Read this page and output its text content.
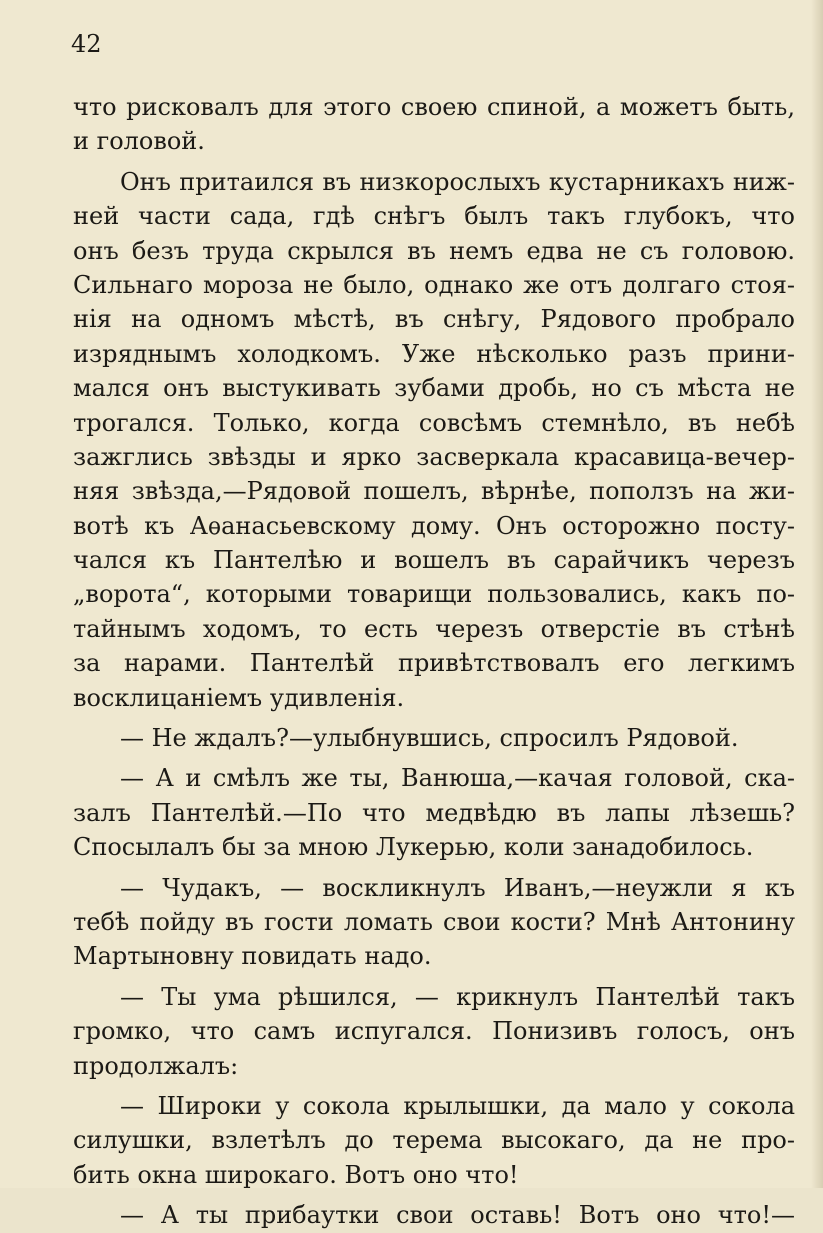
42
что рисковалъ для этого своею спиной, а можетъ быть,
и головой.
Онъ притаился въ низкорослыхъ кустарникахъ ниж-
ней части сада, гдѣ снѣгъ былъ такъ глубокъ, что
онъ безъ труда скрылся въ немъ едва не съ головою.
Сильнаго мороза не было, однако же отъ долгаго стоя-
нія на одномъ мѣстѣ, въ снѣгу, Рядового пробрало
изряднымъ холодкомъ. Уже нѣсколько разъ прини-
мался онъ выстукивать зубами дробь, но съ мѣста не
трогался. Только, когда совсѣмъ стемнѣло, въ небѣ
зажглись звѣзды и ярко засверкала красавица-вечер-
няя звѣзда,—Рядовой пошелъ, вѣрнѣе, поползъ на жи-
вотѣ къ Аѳанасьевскому дому. Онъ осторожно посту-
чался къ Пантелѣю и вошелъ въ сарайчикъ черезъ
„ворота“, которыми товарищи пользовались, какъ по-
тайнымъ ходомъ, то есть черезъ отверстіе въ стѣнѣ
за нарами. Пантелѣй привѣтствовалъ его легкимъ
восклицаніемъ удивленія.
— Не ждалъ?—улыбнувшись, спросилъ Рядовой.
— А и смѣлъ же ты, Ванюша,—качая головой, ска-
залъ Пантелѣй.—По что медвѣдю въ лапы лѣзешь?
Спосылалъ бы за мною Лукерью, коли занадобилось.
— Чудакъ, — воскликнулъ Иванъ,—неужли я къ
тебѣ пойду въ гости ломать свои кости? Мнѣ Антонину
Мартыновну повидать надо.
— Ты ума рѣшился, — крикнулъ Пантелѣй такъ
громко, что самъ испугался. Понизивъ голосъ, онъ
продолжалъ:
— Широки у сокола крылышки, да мало у сокола
силушки, взлетѣлъ до терема высокаго, да не про-
бить окна широкаго. Вотъ оно что!
— А ты прибаутки свои оставь! Вотъ оно что!—
